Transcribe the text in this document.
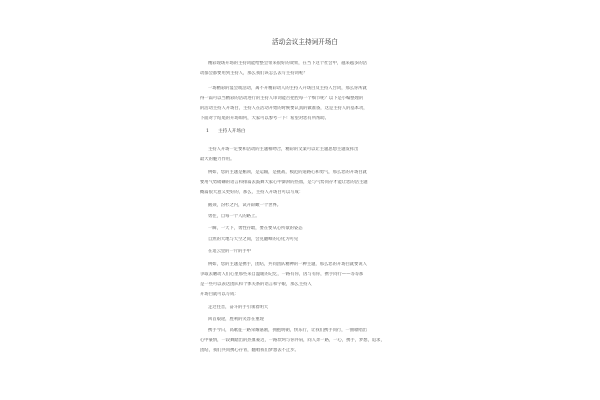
活动会议主持词开场白
精彩现场开场的主持词能给整会带来很好的效果，在当下这个社会中，越来越多的活
动都会都要用到主持人，那么我们该怎么去写主持词呢？
一场精彩的宴会或活动，离不开精彩动人的主持人开场白及主持人台词，那么你所就
得一篇可以当精彩的活动进行的主持人串词能否把控每一个细节呢？以下是小编整理的
的活动主持人开场白，主持人在活动开始的时候要认真的做准备，这是主持人的基本功，
下面对于结尾的开场如何，大家可以参考一下！希望对您有所帮助。
1 主持人开场白
主持人开场一定要和活动的主题相吻合，精彩的文案可以让主题思想主题发挥出
最大的魅力作用。
例如，您的主题是鹅颈，是运输，是挑战，模范的道路心和勇气，那么您的开场白就
要用气势磅礴的语言和排篇去鼓舞大家心中澎湃的热血，是与气势同存才能让您的活主题
概篇很大意义更好的，那么，主持人开场白可以写成：
鹅颈，汾杉之内，试开辟瞰一个世界。
勇往，自每一个人的路上。
一瞬，一天下，勇性存敢，要在要从心所欲的姿态
自然的大地与天空之间，会克翻峰的心化为可见
在追云里的一片的手中
例如，您的主题是携手，团结，共同团队精神的一种主题，那么您的开场白就要说人
争取去触动人们心里那些来自温暖的记忆，一路有你，因与有你，携手同行——等等那
是一些可以表达团队和个体关系的语言和字眼，那么主持人
开场白就可以写成：
走过往昔，奋斗的手引领着明天
回首艰途，胜利的笑容在重现
携手今日，高歌征一路荣耀嘉励，拥抱明朝，快乐行，让我们携手同行，一曲歌唱出
心中豪情，一段舞踏出的热血豪迈，一路坎坷与你并肩，同人奔一路，一心，携手，梦想，追求，
团结，我们共同携心存青，翻唱我们梦想去不止步。
